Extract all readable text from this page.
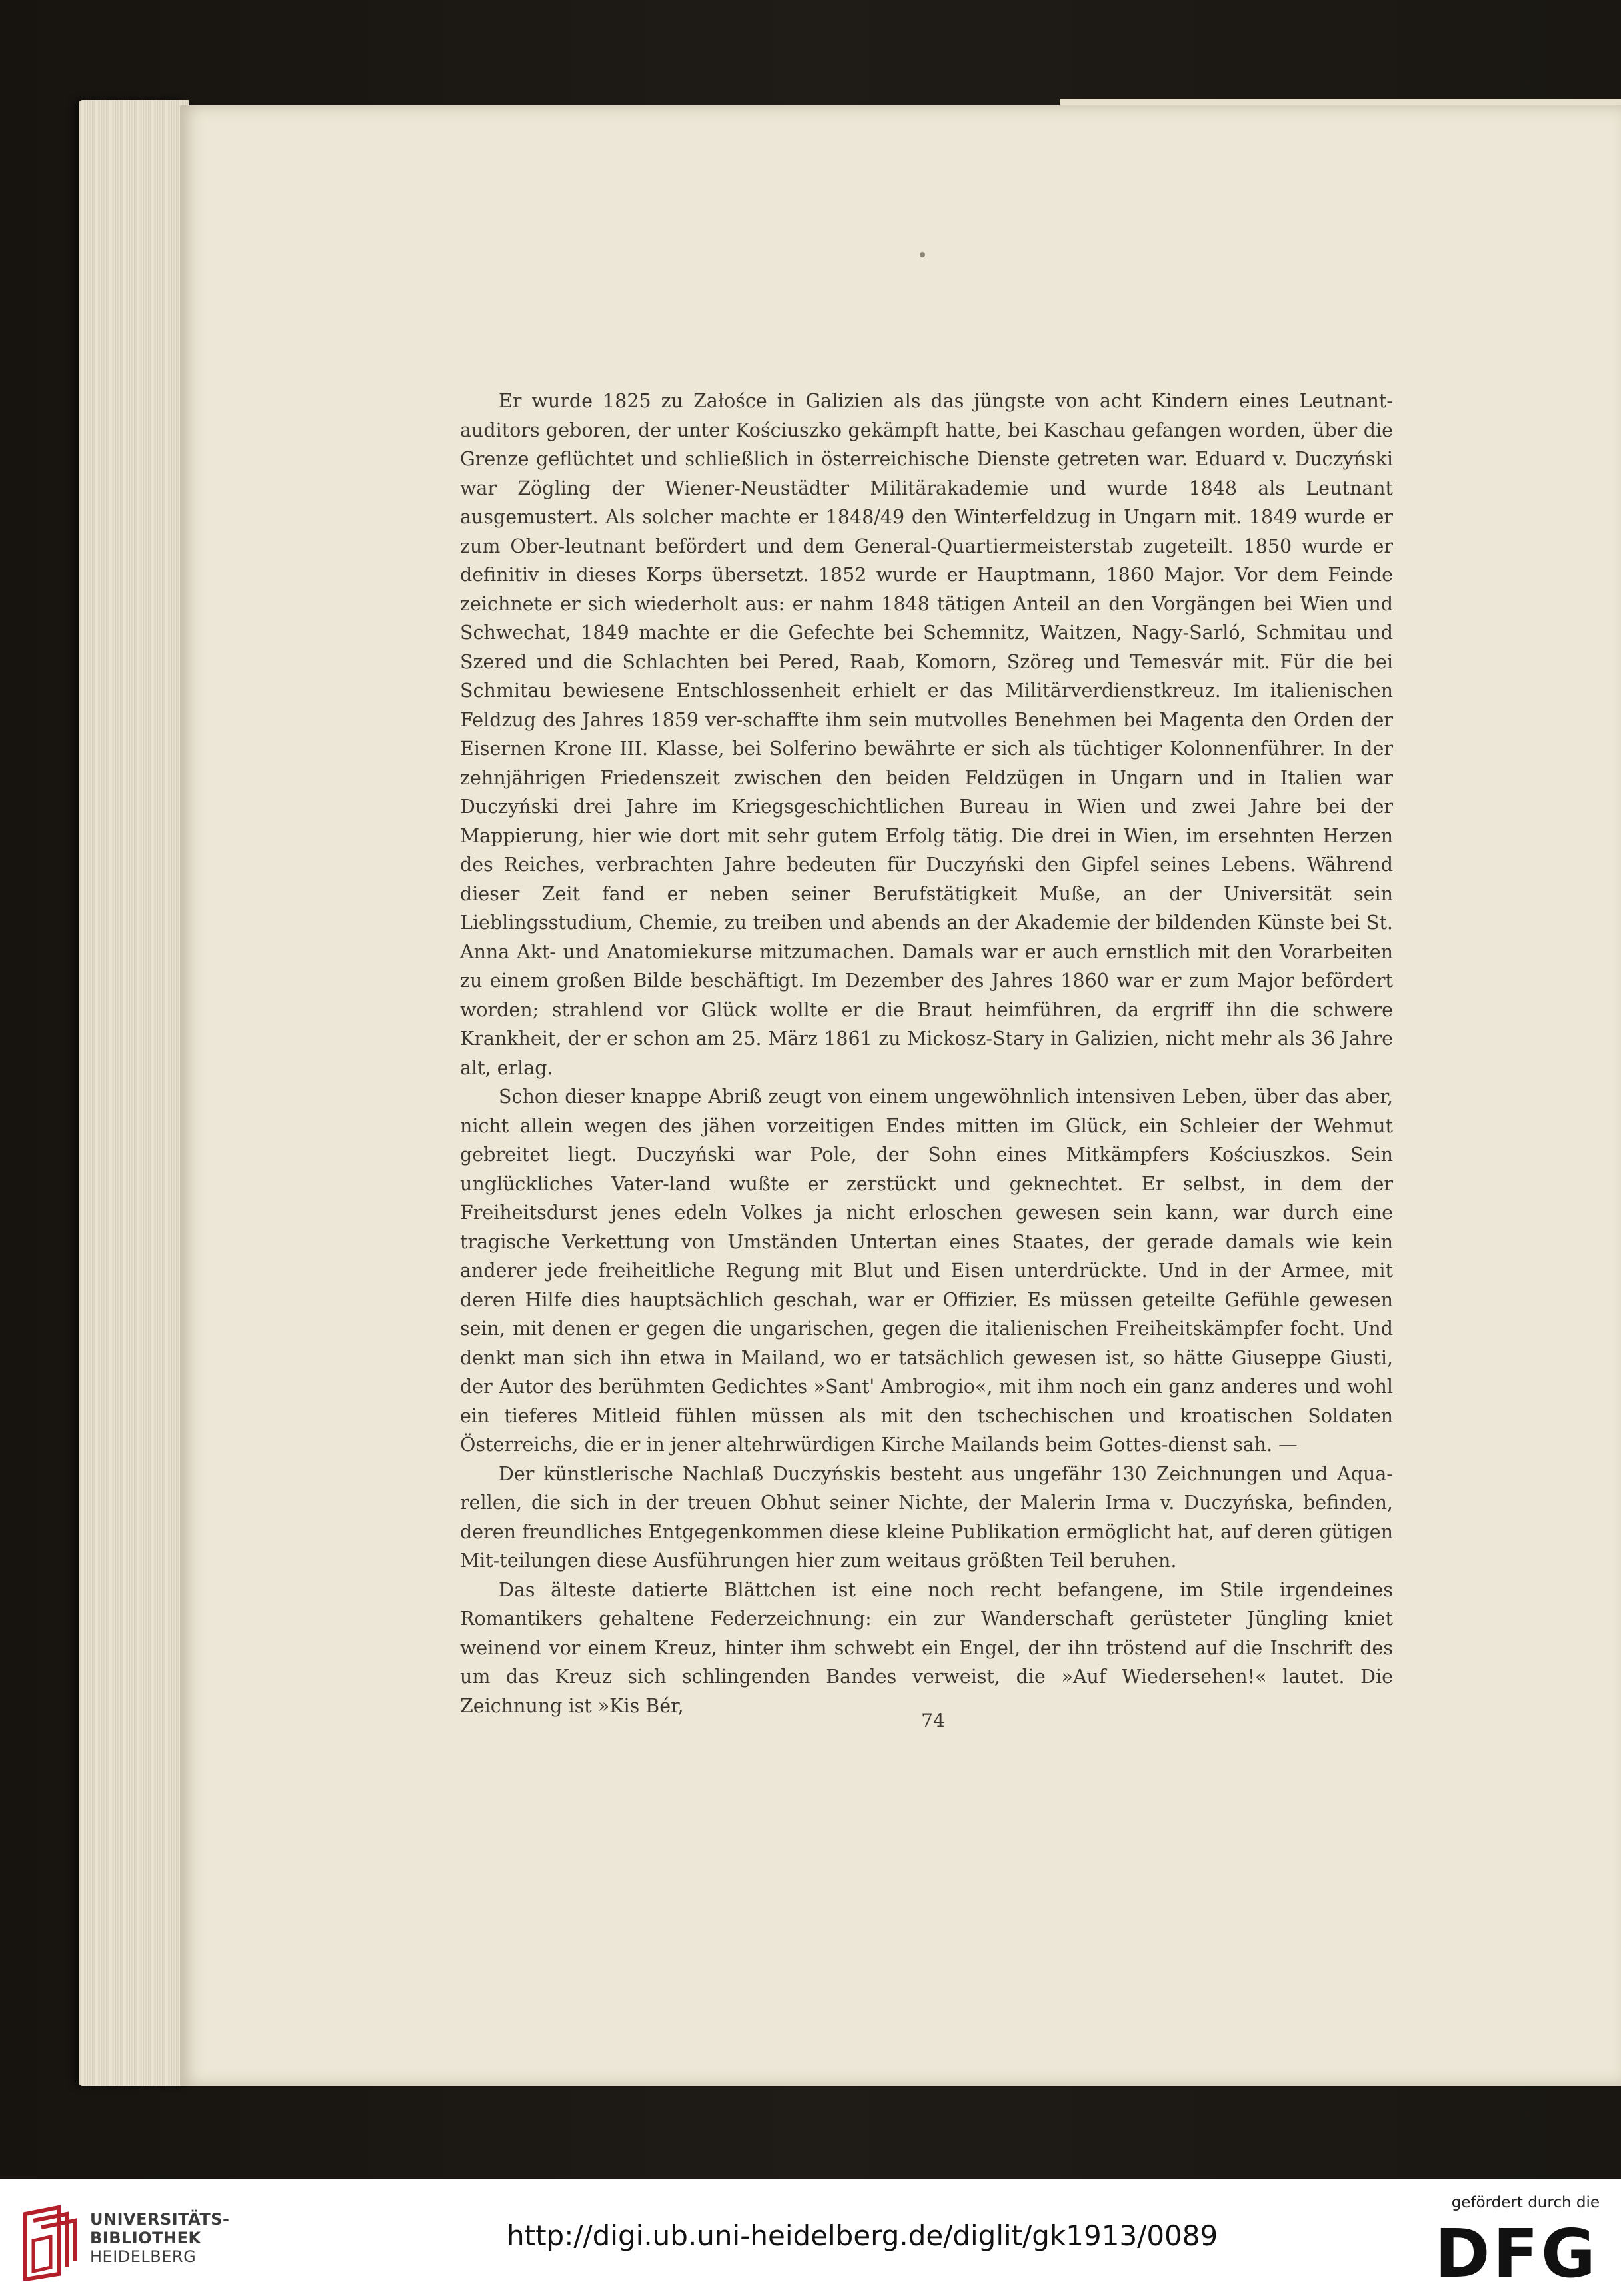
Er wurde 1825 zu Załośce in Galizien als das jüngste von acht Kindern eines Leutnant-auditors geboren, der unter Kościuszko gekämpft hatte, bei Kaschau gefangen worden, über die Grenze geflüchtet und schließlich in österreichische Dienste getreten war. Eduard v. Duczyński war Zögling der Wiener-Neustädter Militärakademie und wurde 1848 als Leutnant ausgemustert. Als solcher machte er 1848/49 den Winterfeldzug in Ungarn mit. 1849 wurde er zum Ober-leutnant befördert und dem General-Quartiermeisterstab zugeteilt. 1850 wurde er definitiv in dieses Korps übersetzt. 1852 wurde er Hauptmann, 1860 Major. Vor dem Feinde zeichnete er sich wiederholt aus: er nahm 1848 tätigen Anteil an den Vorgängen bei Wien und Schwechat, 1849 machte er die Gefechte bei Schemnitz, Waitzen, Nagy-Sarló, Schmitau und Szered und die Schlachten bei Pered, Raab, Komorn, Szöreg und Temesvár mit. Für die bei Schmitau bewiesene Entschlossenheit erhielt er das Militärverdienstkreuz. Im italienischen Feldzug des Jahres 1859 ver-schaffte ihm sein mutvolles Benehmen bei Magenta den Orden der Eisernen Krone III. Klasse, bei Solferino bewährte er sich als tüchtiger Kolonnenführer. In der zehnjährigen Friedenszeit zwischen den beiden Feldzügen in Ungarn und in Italien war Duczyński drei Jahre im Kriegsgeschichtlichen Bureau in Wien und zwei Jahre bei der Mappierung, hier wie dort mit sehr gutem Erfolg tätig. Die drei in Wien, im ersehnten Herzen des Reiches, verbrachten Jahre bedeuten für Duczyński den Gipfel seines Lebens. Während dieser Zeit fand er neben seiner Berufstätigkeit Muße, an der Universität sein Lieblingsstudium, Chemie, zu treiben und abends an der Akademie der bildenden Künste bei St. Anna Akt- und Anatomiekurse mitzumachen. Damals war er auch ernstlich mit den Vorarbeiten zu einem großen Bilde beschäftigt. Im Dezember des Jahres 1860 war er zum Major befördert worden; strahlend vor Glück wollte er die Braut heimführen, da ergriff ihn die schwere Krankheit, der er schon am 25. März 1861 zu Mickosz-Stary in Galizien, nicht mehr als 36 Jahre alt, erlag.

Schon dieser knappe Abriß zeugt von einem ungewöhnlich intensiven Leben, über das aber, nicht allein wegen des jähen vorzeitigen Endes mitten im Glück, ein Schleier der Wehmut gebreitet liegt. Duczyński war Pole, der Sohn eines Mitkämpfers Kościuszkos. Sein unglückliches Vater-land wußte er zerstückt und geknechtet. Er selbst, in dem der Freiheitsdurst jenes edeln Volkes ja nicht erloschen gewesen sein kann, war durch eine tragische Verkettung von Umständen Untertan eines Staates, der gerade damals wie kein anderer jede freiheitliche Regung mit Blut und Eisen unterdrückte. Und in der Armee, mit deren Hilfe dies hauptsächlich geschah, war er Offizier. Es müssen geteilte Gefühle gewesen sein, mit denen er gegen die ungarischen, gegen die italienischen Freiheitskämpfer focht. Und denkt man sich ihn etwa in Mailand, wo er tatsächlich gewesen ist, so hätte Giuseppe Giusti, der Autor des berühmten Gedichtes »Sant' Ambrogio«, mit ihm noch ein ganz anderes und wohl ein tieferes Mitleid fühlen müssen als mit den tschechischen und kroatischen Soldaten Österreichs, die er in jener altehrwürdigen Kirche Mailands beim Gottes-dienst sah. —

Der künstlerische Nachlaß Duczyńskis besteht aus ungefähr 130 Zeichnungen und Aqua-rellen, die sich in der treuen Obhut seiner Nichte, der Malerin Irma v. Duczyńska, befinden, deren freundliches Entgegenkommen diese kleine Publikation ermöglicht hat, auf deren gütigen Mit-teilungen diese Ausführungen hier zum weitaus größten Teil beruhen.

Das älteste datierte Blättchen ist eine noch recht befangene, im Stile irgendeines Romantikers gehaltene Federzeichnung: ein zur Wanderschaft gerüsteter Jüngling kniet weinend vor einem Kreuz, hinter ihm schwebt ein Engel, der ihn tröstend auf die Inschrift des um das Kreuz sich schlingenden Bandes verweist, die »Auf Wiedersehen!« lautet. Die Zeichnung ist »Kis Bér,

74
UNIVERSITÄTS-
BIBLIOTHEK
HEIDELBERG
http://digi.ub.uni-heidelberg.de/diglit/gk1913/0089
gefördert durch die
DFG
